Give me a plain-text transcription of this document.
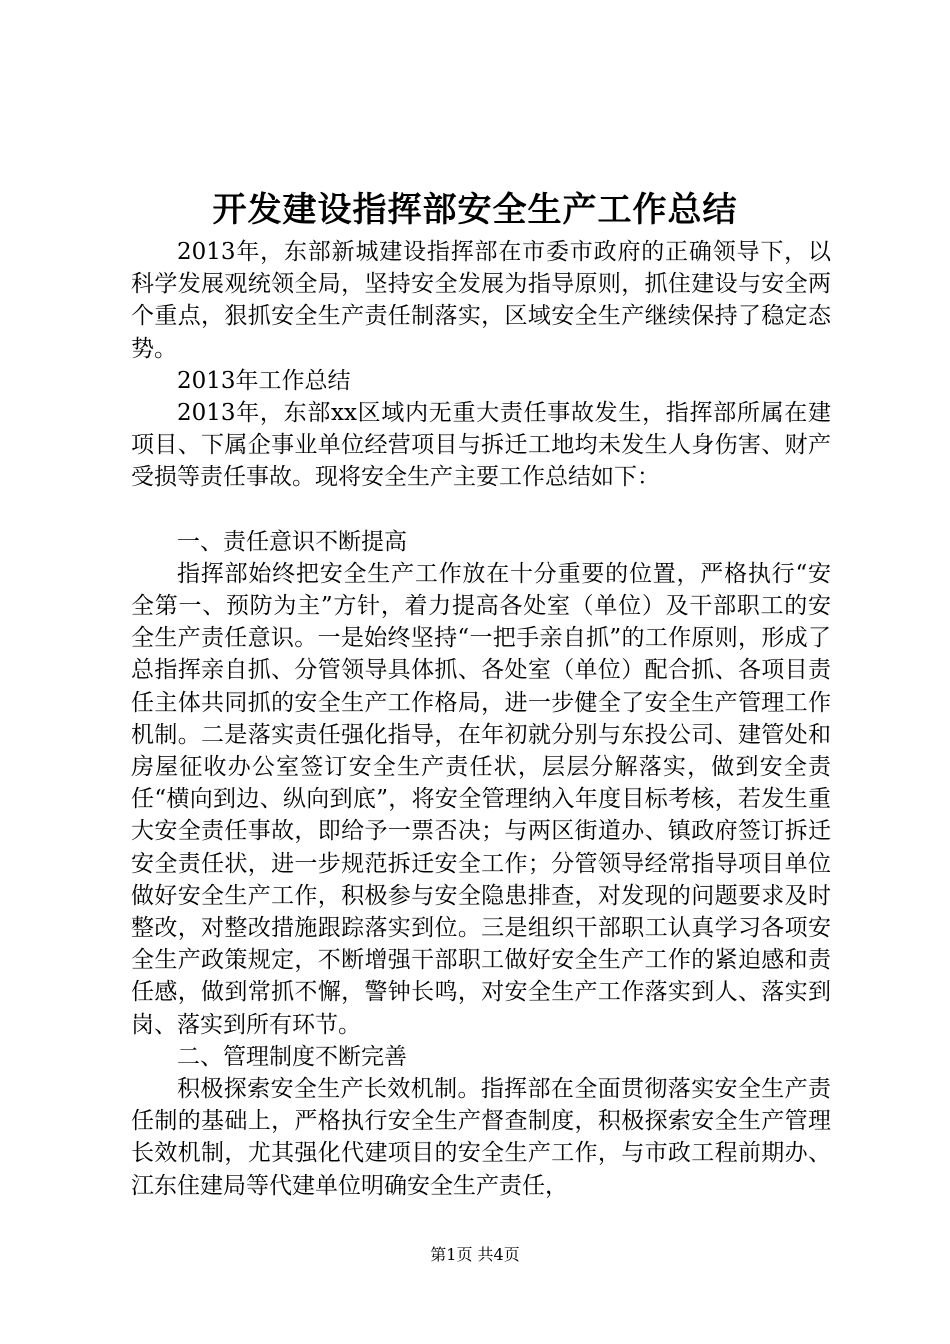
开发建设指挥部安全生产工作总结

2013年，东部新城建设指挥部在市委市政府的正确领导下，以科学发展观统领全局，坚持安全发展为指导原则，抓住建设与安全两个重点，狠抓安全生产责任制落实，区域安全生产继续保持了稳定态势。

2013年工作总结

2013年，东部xx区域内无重大责任事故发生，指挥部所属在建项目、下属企事业单位经营项目与拆迁工地均未发生人身伤害、财产受损等责任事故。现将安全生产主要工作总结如下：

一、责任意识不断提高

指挥部始终把安全生产工作放在十分重要的位置，严格执行“安全第一、预防为主”方针，着力提高各处室（单位）及干部职工的安全生产责任意识。一是始终坚持“一把手亲自抓”的工作原则，形成了总指挥亲自抓、分管领导具体抓、各处室（单位）配合抓、各项目责任主体共同抓的安全生产工作格局，进一步健全了安全生产管理工作机制。二是落实责任强化指导，在年初就分别与东投公司、建管处和房屋征收办公室签订安全生产责任状，层层分解落实，做到安全责任“横向到边、纵向到底”，将安全管理纳入年度目标考核，若发生重大安全责任事故，即给予一票否决；与两区街道办、镇政府签订拆迁安全责任状，进一步规范拆迁安全工作；分管领导经常指导项目单位做好安全生产工作，积极参与安全隐患排查，对发现的问题要求及时整改，对整改措施跟踪落实到位。三是组织干部职工认真学习各项安全生产政策规定，不断增强干部职工做好安全生产工作的紧迫感和责任感，做到常抓不懈，警钟长鸣，对安全生产工作落实到人、落实到岗、落实到所有环节。

二、管理制度不断完善

积极探索安全生产长效机制。指挥部在全面贯彻落实安全生产责任制的基础上，严格执行安全生产督查制度，积极探索安全生产管理长效机制，尤其强化代建项目的安全生产工作，与市政工程前期办、江东住建局等代建单位明确安全生产责任，

第1页 共4页
